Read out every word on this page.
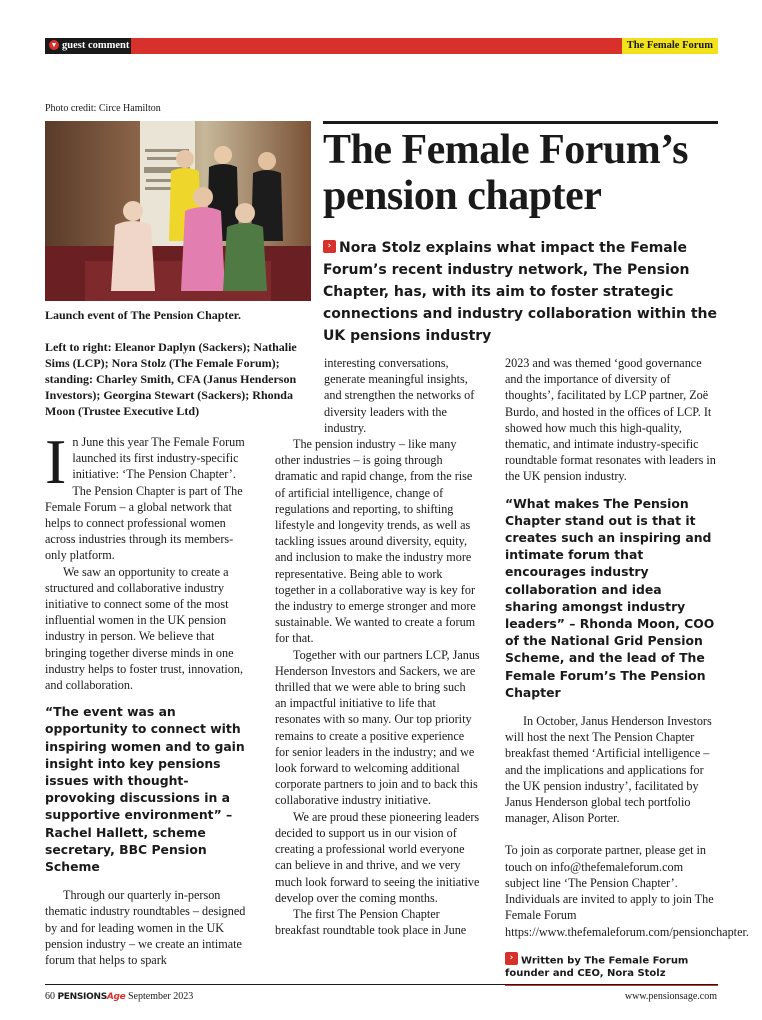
▼ guest comment	The Female Forum
Photo credit: Circe Hamilton
Launch event of The Pension Chapter.
Left to right: Eleanor Daplyn (Sackers); Nathalie Sims (LCP); Nora Stolz (The Female Forum); standing: Charley Smith, CFA (Janus Henderson Investors); Georgina Stewart (Sackers); Rhonda Moon (Trustee Executive Ltd)
The Female Forum’s
pension chapter
› Nora Stolz explains what impact the Female Forum’s recent industry network, The Pension Chapter, has, with its aim to foster strategic connections and industry collaboration within the UK pensions industry

I n June this year The Female Forum launched its first industry-specific initiative: ‘The Pension Chapter’. The Pension Chapter is part of The Female Forum – a global network that helps to connect professional women across industries through its members-only platform.

We saw an opportunity to create a structured and collaborative industry initiative to connect some of the most influential women in the UK pension industry in person. We believe that bringing together diverse minds in one industry helps to foster trust, innovation, and collaboration.

“The event was an opportunity to connect with inspiring women and to gain insight into key pensions issues with thought-provoking discussions in a supportive environment” – Rachel Hallett, scheme secretary, BBC Pension Scheme

Through our quarterly in-person thematic industry roundtables – designed by and for leading women in the UK pension industry – we create an intimate forum that helps to spark

interesting conversations, generate meaningful insights, and strengthen the networks of diversity leaders with the industry.

The pension industry – like many other industries – is going through dramatic and rapid change, from the rise of artificial intelligence, change of regulations and reporting, to shifting lifestyle and longevity trends, as well as tackling issues around diversity, equity, and inclusion to make the industry more representative. Being able to work together in a collaborative way is key for the industry to emerge stronger and more sustainable. We wanted to create a forum for that.

Together with our partners LCP, Janus Henderson Investors and Sackers, we are thrilled that we were able to bring such an impactful initiative to life that resonates with so many. Our top priority remains to create a positive experience for senior leaders in the industry; and we look forward to welcoming additional corporate partners to join and to back this collaborative industry initiative.

We are proud these pioneering leaders decided to support us in our vision of creating a professional world everyone can believe in and thrive, and we very much look forward to seeing the initiative develop over the coming months.

The first The Pension Chapter breakfast roundtable took place in June

2023 and was themed ‘good governance and the importance of diversity of thoughts’, facilitated by LCP partner, Zoë Burdo, and hosted in the offices of LCP. It showed how much this high-quality, thematic, and intimate industry-specific roundtable format resonates with leaders in the UK pension industry.

“What makes The Pension Chapter stand out is that it creates such an inspiring and intimate forum that encourages industry collaboration and idea sharing amongst industry leaders” – Rhonda Moon, COO of the National Grid Pension Scheme, and the lead of The Female Forum’s The Pension Chapter

In October, Janus Henderson Investors will host the next The Pension Chapter breakfast themed ‘Artificial intelligence – and the implications and applications for the UK pension industry’, facilitated by Janus Henderson global tech portfolio manager, Alison Porter.

To join as corporate partner, please get in touch on info@thefemaleforum.com subject line ‘The Pension Chapter’. Individuals are invited to apply to join The Female Forum https://www.thefemaleforum.com/pensionchapter.

› Written by The Female Forum founder and CEO, Nora Stolz
60 PENSIONSAge September 2023	www.pensionsage.com
